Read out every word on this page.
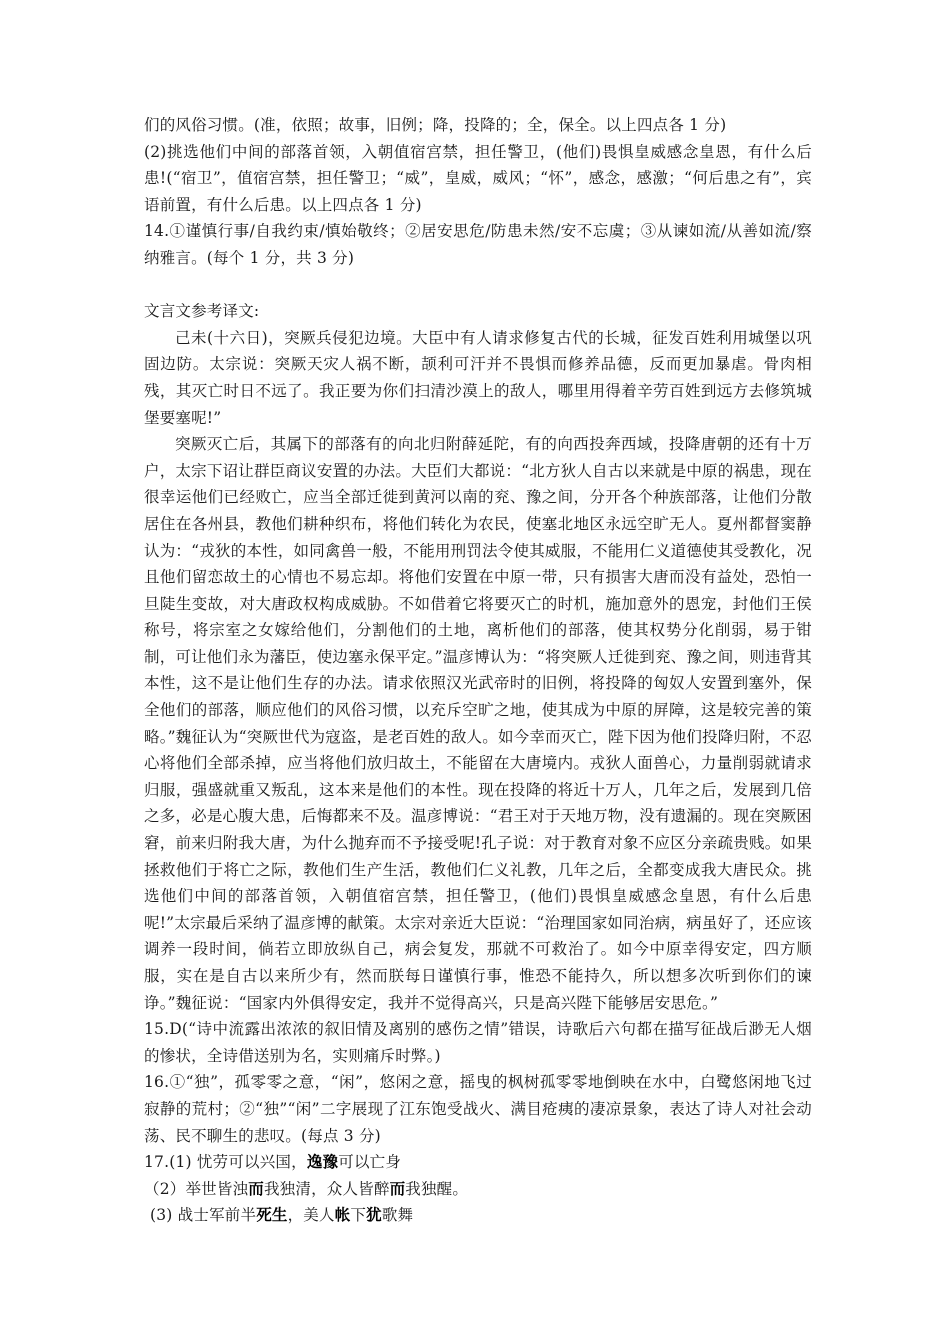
们的风俗习惯。(准，依照；故事，旧例；降，投降的；全，保全。以上四点各 1 分)

(2)挑选他们中间的部落首领，入朝值宿宫禁，担任警卫，(他们)畏惧皇威感念皇恩，有什么后患!(“宿卫”，值宿宫禁，担任警卫；“威”，皇威，威风；“怀”，感念，感激；“何后患之有”，宾语前置，有什么后患。以上四点各 1 分)

14.①谨慎行事/自我约束/慎始敬终；②居安思危/防患未然/安不忘虞；③从谏如流/从善如流/察纳雅言。(每个 1 分，共 3 分)

文言文参考译文:

己未(十六日)，突厥兵侵犯边境。大臣中有人请求修复古代的长城，征发百姓利用城堡以巩固边防。太宗说：突厥天灾人祸不断，颉利可汗并不畏惧而修养品德，反而更加暴虐。骨肉相残，其灭亡时日不远了。我正要为你们扫清沙漠上的敌人，哪里用得着辛劳百姓到远方去修筑城堡要塞呢!”

突厥灭亡后，其属下的部落有的向北归附薛延陀，有的向西投奔西域，投降唐朝的还有十万户，太宗下诏让群臣商议安置的办法。大臣们大都说：“北方狄人自古以来就是中原的祸患，现在很幸运他们已经败亡，应当全部迁徙到黄河以南的兖、豫之间，分开各个种族部落，让他们分散居住在各州县，教他们耕种织布，将他们转化为农民，使塞北地区永远空旷无人。夏州都督窦静认为：“戎狄的本性，如同禽兽一般，不能用刑罚法令使其威服，不能用仁义道德使其受教化，况且他们留恋故土的心情也不易忘却。将他们安置在中原一带，只有损害大唐而没有益处，恐怕一旦陡生变故，对大唐政权构成威胁。不如借着它将要灭亡的时机，施加意外的恩宠，封他们王侯称号，将宗室之女嫁给他们，分割他们的土地，离析他们的部落，使其权势分化削弱，易于钳制，可让他们永为藩臣，使边塞永保平定。”温彦博认为：“将突厥人迁徙到兖、豫之间，则违背其本性，这不是让他们生存的办法。请求依照汉光武帝时的旧例，将投降的匈奴人安置到塞外，保全他们的部落，顺应他们的风俗习惯，以充斥空旷之地，使其成为中原的屏障，这是较完善的策略。”魏征认为“突厥世代为寇盗，是老百姓的敌人。如今幸而灭亡，陛下因为他们投降归附，不忍心将他们全部杀掉，应当将他们放归故土，不能留在大唐境内。戎狄人面兽心，力量削弱就请求归服，强盛就重又叛乱，这本来是他们的本性。现在投降的将近十万人，几年之后，发展到几倍之多，必是心腹大患，后悔都来不及。温彦博说：“君王对于天地万物，没有遗漏的。现在突厥困窘，前来归附我大唐，为什么抛弃而不予接受呢!孔子说：对于教育对象不应区分亲疏贵贱。如果拯救他们于将亡之际，教他们生产生活，教他们仁义礼教，几年之后，全都变成我大唐民众。挑选他们中间的部落首领，入朝值宿宫禁，担任警卫，(他们)畏惧皇威感念皇恩，有什么后患呢!”太宗最后采纳了温彦博的献策。太宗对亲近大臣说：“治理国家如同治病，病虽好了，还应该调养一段时间，倘若立即放纵自己，病会复发，那就不可救治了。如今中原幸得安定，四方顺服，实在是自古以来所少有，然而朕每日谨慎行事，惟恐不能持久，所以想多次听到你们的谏诤。”魏征说：“国家内外俱得安定，我并不觉得高兴，只是高兴陛下能够居安思危。”

15.D(“诗中流露出浓浓的叙旧情及离别的感伤之情”错误，诗歌后六句都在描写征战后渺无人烟的惨状，全诗借送别为名，实则痛斥时弊。)

16.①“独”，孤零零之意，“闲”，悠闲之意，摇曳的枫树孤零零地倒映在水中，白鹭悠闲地飞过寂静的荒村；②“独”“闲”二字展现了江东饱受战火、满目疮痍的凄凉景象，表达了诗人对社会动荡、民不聊生的悲叹。(每点 3 分)

17.(1) 忧劳可以兴国，逸豫可以亡身

（2）举世皆浊而我独清，众人皆醉而我独醒。

(3) 战士军前半死生，美人帐下犹歌舞
